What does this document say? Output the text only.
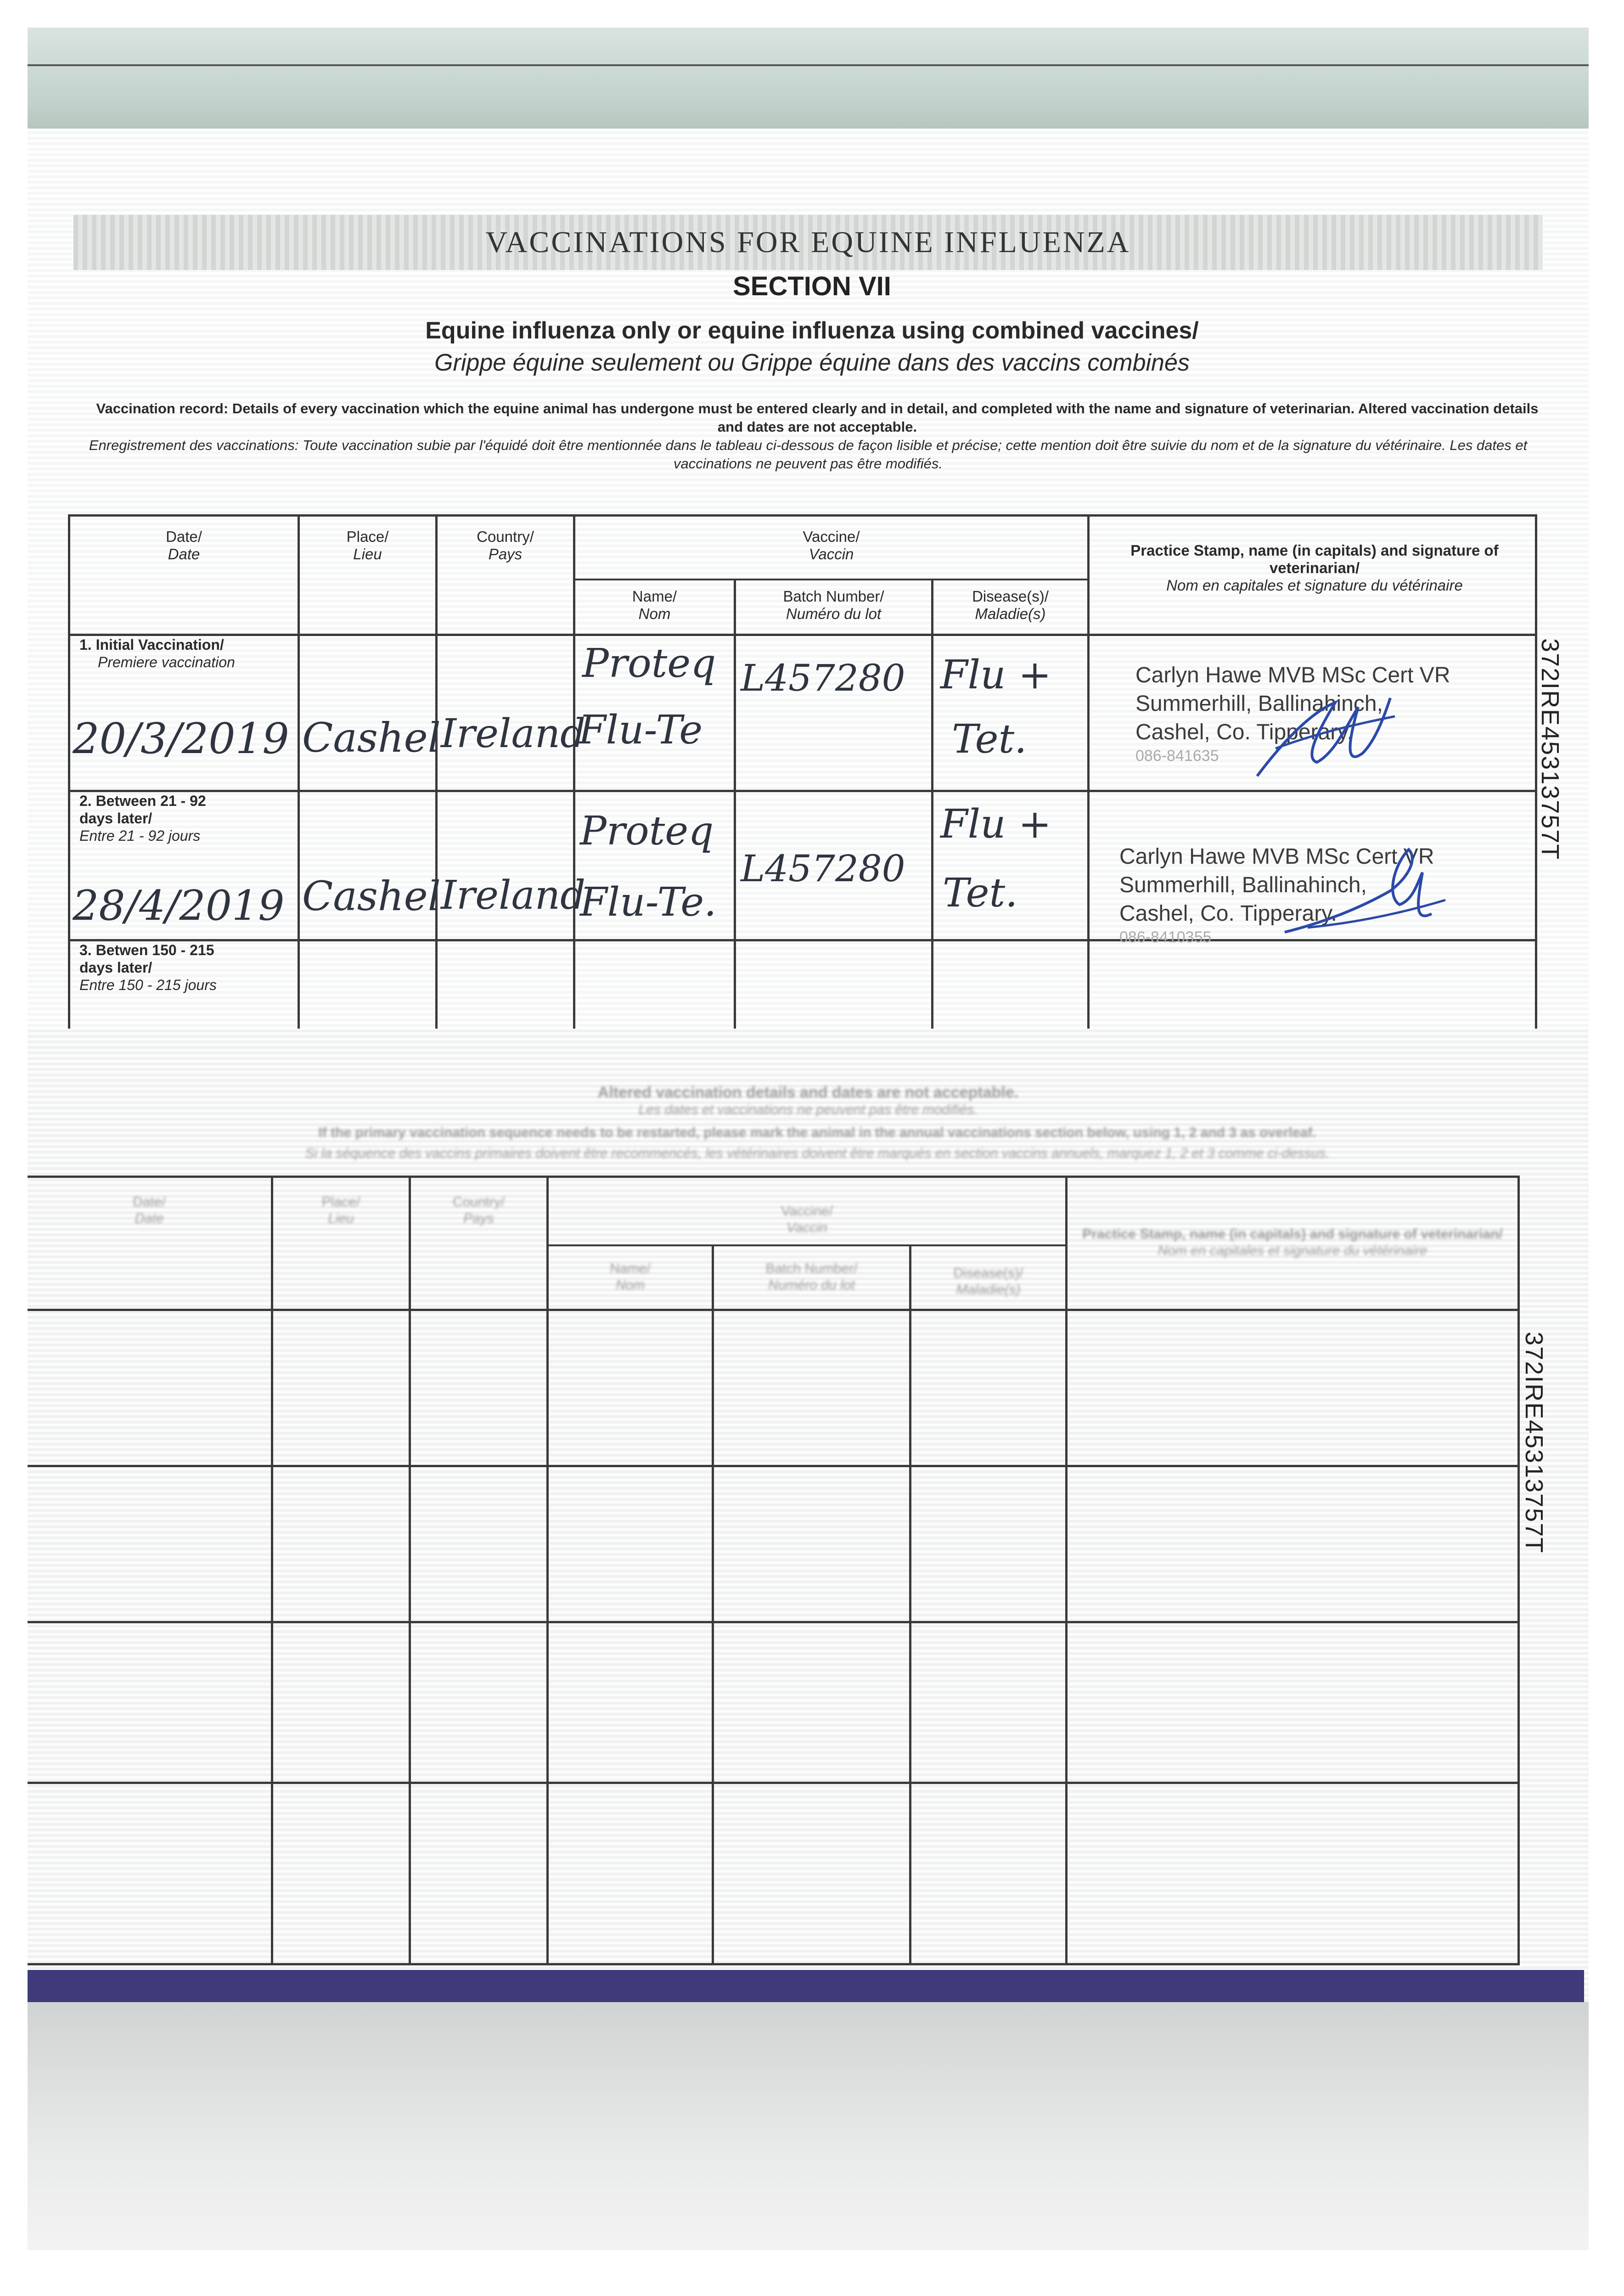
VACCINATIONS FOR EQUINE INFLUENZA
SECTION VII
Equine influenza only or equine influenza using combined vaccines/
Grippe équine seulement ou Grippe équine dans des vaccins combinés
Vaccination record: Details of every vaccination which the equine animal has undergone must be entered clearly and in detail, and completed with the name and signature of veterinarian. Altered vaccination details and dates are not acceptable.
Enregistrement des vaccinations: Toute vaccination subie par l'équidé doit être mentionnée dans le tableau ci-dessous de façon lisible et précise; cette mention doit être suivie du nom et de la signature du vétérinaire. Les dates et vaccinations ne peuvent pas être modifiés.
Date/
Date
Place/
Lieu
Country/
Pays
Vaccine/
Vaccin
Name/
Nom
Batch Number/
Numéro du lot
Disease(s)/
Maladie(s)
Practice Stamp, name (in capitals) and signature of veterinarian/
Nom en capitales et signature du vétérinaire
1. Initial Vaccination/
Premiere vaccination
20/3/2019 Cashel Ireland
Proteq
Flu-Te
L457280 Flu +
Tet.
Carlyn Hawe MVB MSc Cert VR
Summerhill, Ballinahinch,
Cashel, Co. Tipperary.
086-841635
2. Between 21 - 92 days later/
Entre 21 - 92 jours
28/4/2019 Cashel Ireland
Proteq
Flu-Te.
L457280
Flu +
Tet.
Carlyn Hawe MVB MSc Cert VR
Summerhill, Ballinahinch,
Cashel, Co. Tipperary.
086-8410355
3. Betwen 150 - 215 days later/
Entre 150 - 215 jours
372IRE45313757T
Altered vaccination details and dates are not acceptable.
Les dates et vaccinations ne peuvent pas être modifiés.
If the primary vaccination sequence needs to be restarted, please mark the animal in the annual vaccinations section below, using 1, 2 and 3 as overleaf.
Si la séquence des vaccins primaires doivent être recommencés, les vétérinaires doivent être marqués en section vaccins annuels, marquez 1, 2 et 3 comme ci-dessus.
Date/
Date
Place/
Lieu
Country/
Pays	Vaccine/
Vaccin
Name/
Nom
Batch Number/
Numéro du lot
Disease(s)/
Maladie(s)
Practice Stamp, name (in capitals) and signature of veterinarian/
Nom en capitales et signature du vétérinaire
372IRE45313757T
